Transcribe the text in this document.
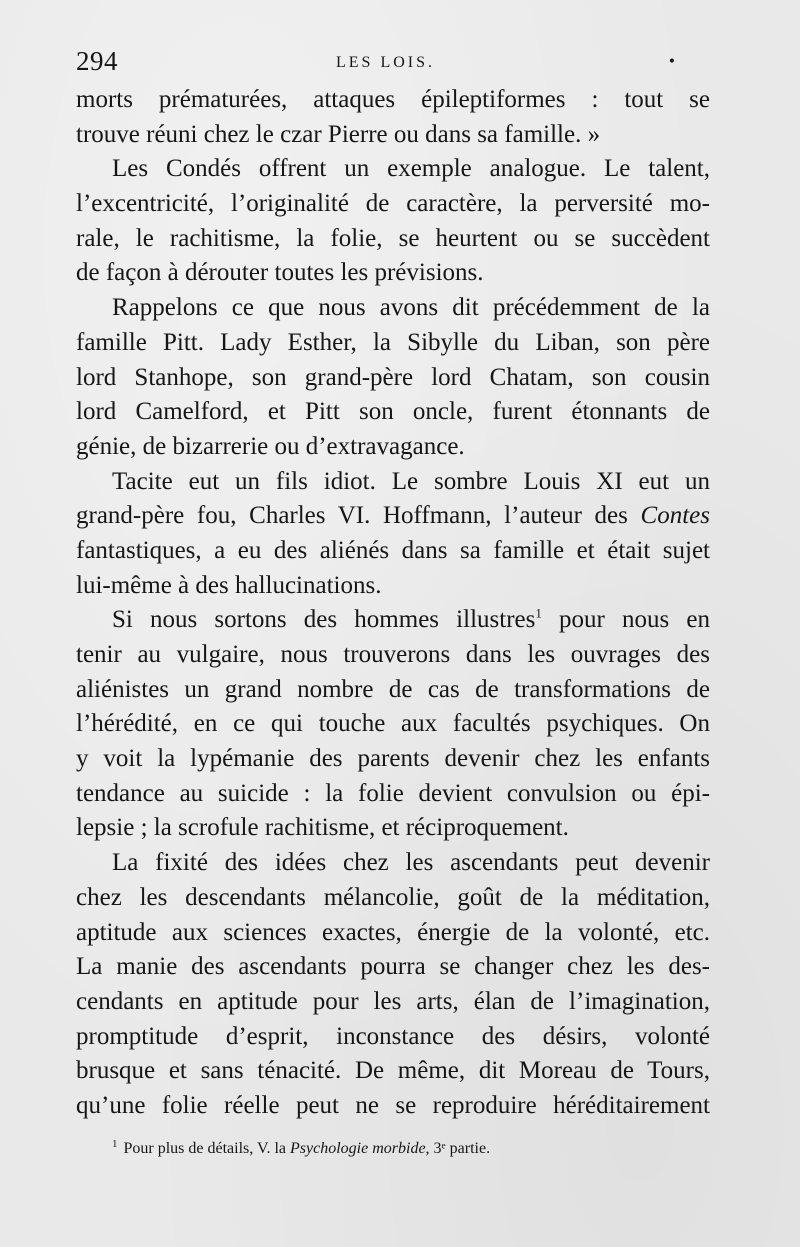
294	LES LOIS.	•
morts prématurées, attaques épileptiformes : tout se
trouve réuni chez le czar Pierre ou dans sa famille. »
Les Condés offrent un exemple analogue. Le talent,
l’excentricité, l’originalité de caractère, la perversité mo-
rale, le rachitisme, la folie, se heurtent ou se succèdent
de façon à dérouter toutes les prévisions.
Rappelons ce que nous avons dit précédemment de la
famille Pitt. Lady Esther, la Sibylle du Liban, son père
lord Stanhope, son grand-père lord Chatam, son cousin
lord Camelford, et Pitt son oncle, furent étonnants de
génie, de bizarrerie ou d’extravagance.
Tacite eut un fils idiot. Le sombre Louis XI eut un
grand-père fou, Charles VI. Hoffmann, l’auteur des Contes
fantastiques, a eu des aliénés dans sa famille et était sujet
lui-même à des hallucinations.
Si nous sortons des hommes illustres$^1$ pour nous en
tenir au vulgaire, nous trouverons dans les ouvrages des
aliénistes un grand nombre de cas de transformations de
l’hérédité, en ce qui touche aux facultés psychiques. On
y voit la lypémanie des parents devenir chez les enfants
tendance au suicide : la folie devient convulsion ou épi-
lepsie ; la scrofule rachitisme, et réciproquement.
La fixité des idées chez les ascendants peut devenir
chez les descendants mélancolie, goût de la méditation,
aptitude aux sciences exactes, énergie de la volonté, etc.
La manie des ascendants pourra se changer chez les des-
cendants en aptitude pour les arts, élan de l’imagination,
promptitude d’esprit, inconstance des désirs, volonté
brusque et sans ténacité. De même, dit Moreau de Tours,
qu’une folie réelle peut ne se reproduire héréditairement
$^1$ Pour plus de détails, V. la Psychologie morbide, 3ᵉ partie.
